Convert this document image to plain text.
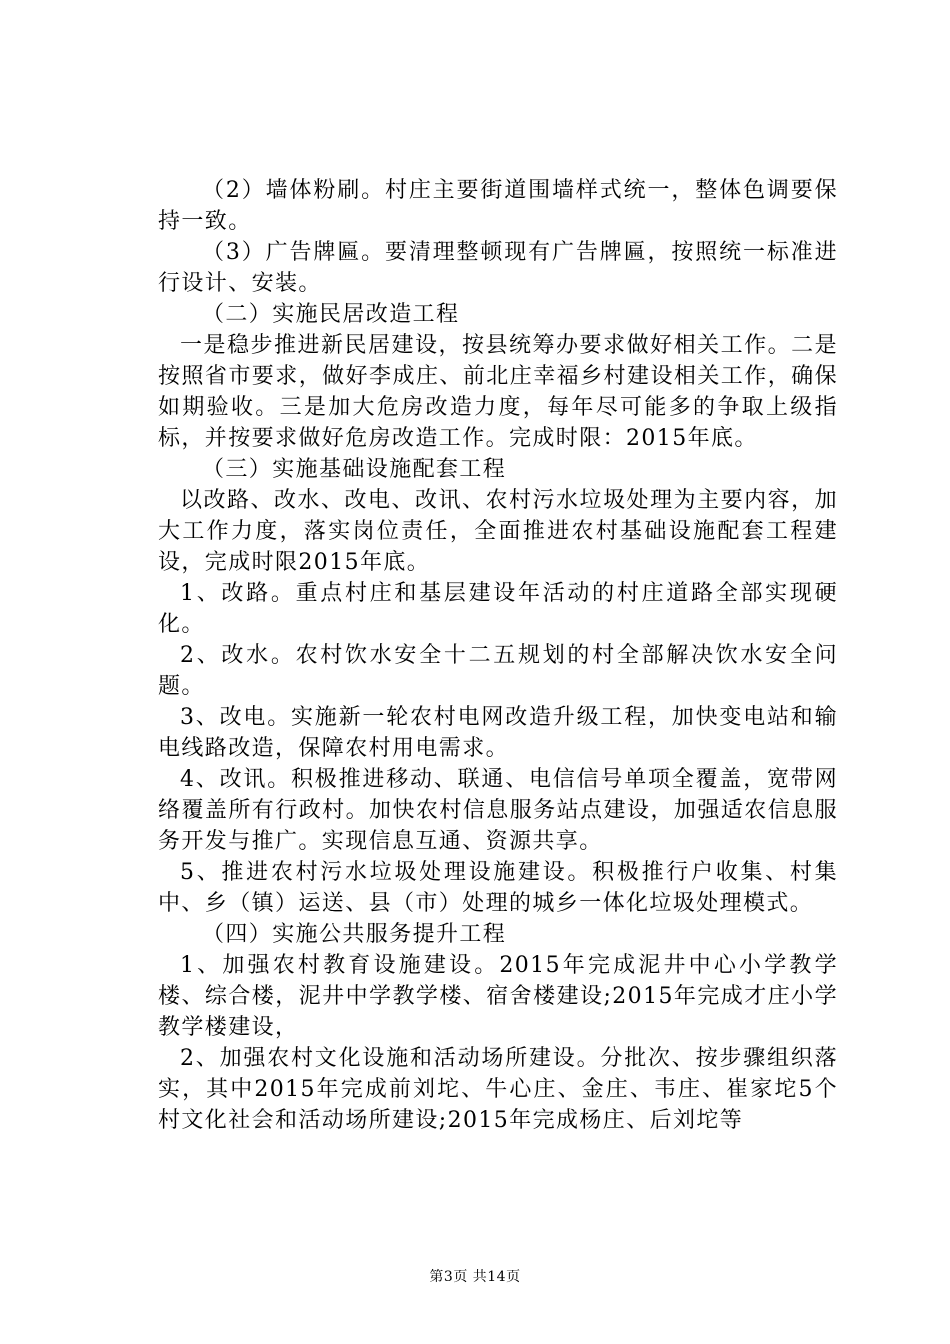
（2）墙体粉刷。村庄主要街道围墙样式统一，整体色调要保持一致。

（3）广告牌匾。要清理整顿现有广告牌匾，按照统一标准进行设计、安装。

（二）实施民居改造工程

一是稳步推进新民居建设，按县统筹办要求做好相关工作。二是按照省市要求，做好李成庄、前北庄幸福乡村建设相关工作，确保如期验收。三是加大危房改造力度，每年尽可能多的争取上级指标，并按要求做好危房改造工作。完成时限：2015年底。

（三）实施基础设施配套工程

以改路、改水、改电、改讯、农村污水垃圾处理为主要内容，加大工作力度，落实岗位责任，全面推进农村基础设施配套工程建设，完成时限2015年底。

1、改路。重点村庄和基层建设年活动的村庄道路全部实现硬化。

2、改水。农村饮水安全十二五规划的村全部解决饮水安全问题。

3、改电。实施新一轮农村电网改造升级工程，加快变电站和输电线路改造，保障农村用电需求。

4、改讯。积极推进移动、联通、电信信号单项全覆盖，宽带网络覆盖所有行政村。加快农村信息服务站点建设，加强适农信息服务开发与推广。实现信息互通、资源共享。

5、推进农村污水垃圾处理设施建设。积极推行户收集、村集中、乡（镇）运送、县（市）处理的城乡一体化垃圾处理模式。

（四）实施公共服务提升工程

1、加强农村教育设施建设。2015年完成泥井中心小学教学楼、综合楼，泥井中学教学楼、宿舍楼建设;2015年完成才庄小学教学楼建设，

2、加强农村文化设施和活动场所建设。分批次、按步骤组织落实，其中2015年完成前刘坨、牛心庄、金庄、韦庄、崔家坨5个村文化社会和活动场所建设;2015年完成杨庄、后刘坨等

第3页 共14页
